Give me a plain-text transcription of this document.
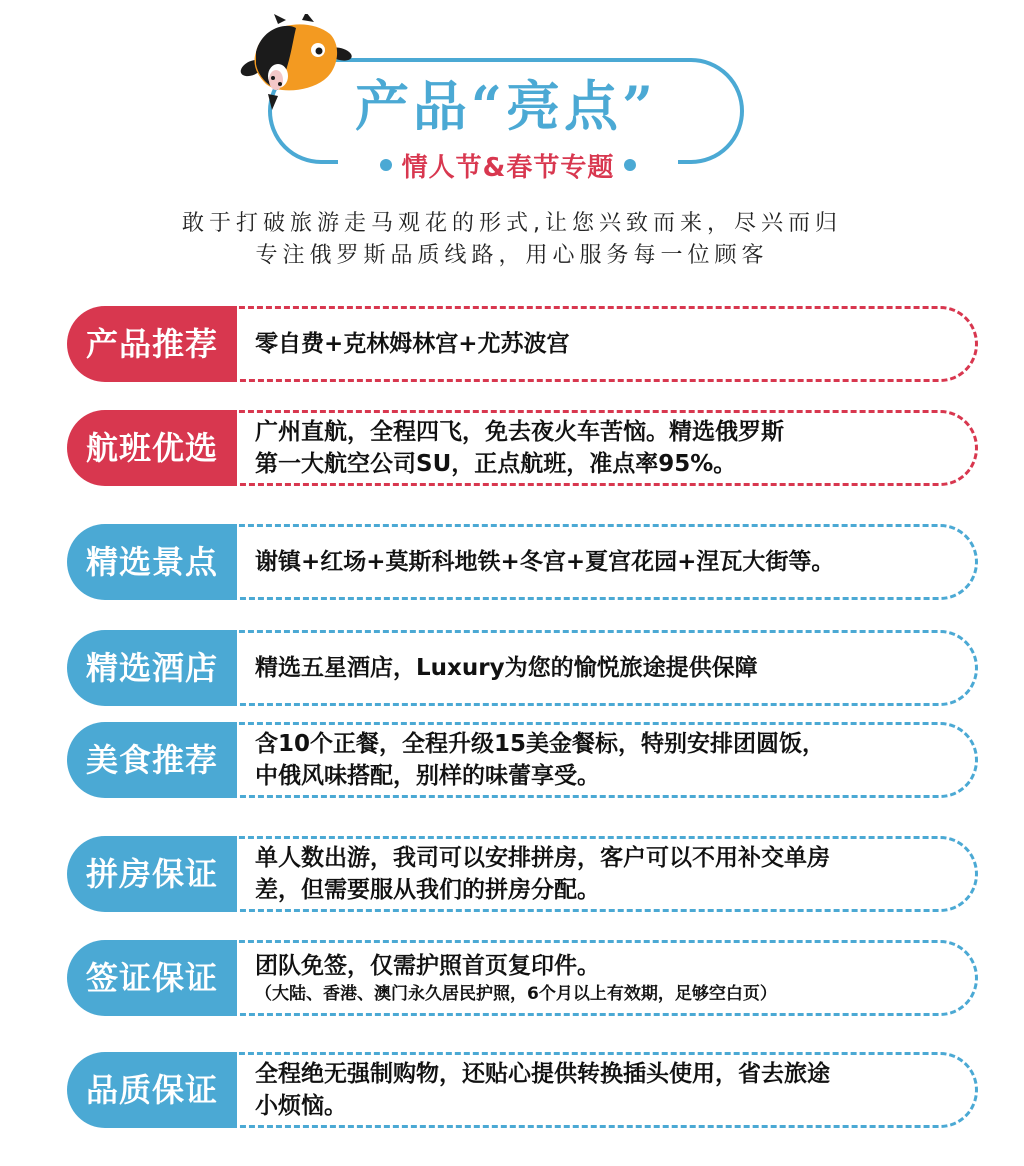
产品“亮点”
情人节&春节专题
敢于打破旅游走马观花的形式,让您兴致而来，尽兴而归
专注俄罗斯品质线路，用心服务每一位顾客
产品推荐	零自费+克林姆林宫+尤苏波宫
航班优选	广州直航，全程四飞，免去夜火车苦恼。精选俄罗斯
第一大航空公司SU，正点航班，准点率95%。
精选景点	谢镇+红场+莫斯科地铁+冬宫+夏宫花园+涅瓦大街等。
精选酒店	精选五星酒店，Luxury为您的愉悦旅途提供保障
美食推荐	含10个正餐，全程升级15美金餐标，特别安排团圆饭，
中俄风味搭配，别样的味蕾享受。
拼房保证	单人数出游，我司可以安排拼房，客户可以不用补交单房
差，但需要服从我们的拼房分配。
签证保证	团队免签，仅需护照首页复印件。
（大陆、香港、澳门永久居民护照，6个月以上有效期，足够空白页）
品质保证	全程绝无强制购物，还贴心提供转换插头使用，省去旅途
小烦恼。
